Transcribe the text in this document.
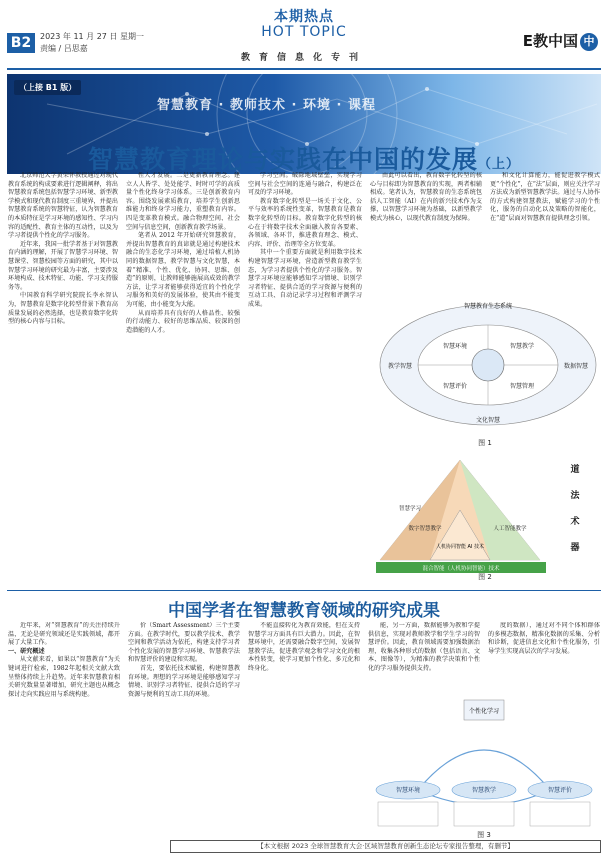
B2	2023 年 11 月 27 日 星期一
责编 / 吕思嘉
本期热点
HOT TOPIC
教育信息化专刊
E教中国 中
（上接 B1 版）
智慧教育 · 教师技术 · 环境 · 课程
智慧教育理论与实践在中国的发展（上）

北京师范大学黄荣怀教授通过对现代教育系统的构成要素进行逻辑阐释，将出智慧教育系统包括智慧学习环境、新型教学模式和现代教育制度三重境界，并提出智慧教育系统的智慧特征，认为智慧教育的本质特征是学习环境的感知性、学习内容的适配性、教育主体的互动性，以及为学习者提供个性化的学习服务。

近年来，我国一批学者基于对智慧教育内涵的理解，开展了智慧学习环境、智慧课堂、智慧校园等方面的研究，其中以智慧学习环境的研究最为丰富，主要涉及环境构成、技术特征、功能、学习支持服务等。

中国教育科学研究院院长李永智认为，智慧教育是数字化转型背景下教育高质量发展的必然选择，也是教育数字化转型的核心内容与目标。

性人才发展。二是更新教育理念。建立人人皆学、处处能学、时时可学的高质量个性化终身学习体系。三是创新教育内容。围绕发展素质教育，培养学生创新思维能力和终身学习能力，重塑教育内容。四是变革教育模式。融合物理空间、社会空间与信息空间，创新教育教学场景。

笔者从 2012 年开始研究智慧教育，并提出智慧教育的真谛就是通过构建技术融合的生态化学习环境，通过培植人机协同的数据智慧，教学智慧与文化智慧，本着“精准、个性、优化、协同、思维、创造”的原则，让教师能够施展高成效的教学方法，让学习者能够获得适宜的个性化学习服务和美好的发展体验，使其由不能变为可能，由小能变为大能。

从而培养具有良好的人格品性、较强的行动能力、较好的思维品质、较深的创造潜能的人才。

学习空间。破除地域壁垒，实现学习空间与社会空间的连通与融合，构建泛在可及的学习环境。

教育数字化转型是一场关于文化、公平与效率的系统性变革，智慧教育是教育数字化转型的目标。教育数字化转型的核心在于将数字技术全面融入教育各要素、各领域、各环节，推进教育理念、模式、内容、评价、治理等全方位变革。

其中一个重要方面就是利用数字技术构建智慧学习环境，营造新型教育教学生态，为学习者提供个性化的学习服务。智慧学习环境应能够感知学习情境、识别学习者特征、提供合适的学习资源与便利的互动工具、自动记录学习过程和评测学习成果。

由此可以看出，教育数字化转型的核心与目标即为智慧教育的实现，两者相辅相成。笔者认为，智慧教育的生态系统包括人工智能（AI）在内的新兴技术作为支撑，以智慧学习环境为基础，以新型教学模式为核心，以现代教育制度为保障。

和文化计算能力，能促进教学模式更“个性化”，在“法”层面，则应关注学习方法成为新型智慧教学法。通过与人协作的方式构建智慧教法，赋能学习的个性化，服务的自动化以及策略的智能化，在“道”层面对智慧教育提供理念引领。

智慧教育生态系统
智慧环境	智慧教学
智慧评价	智慧管理
教学智慧	数据智慧
文化智慧
图 1
混合智能（人机协同智能）技术
智慧学习
数字智慧教学	人工智能教学
人机协同智能 AI 技术
道
法
术
器
图 2
中国学者在智慧教育领域的研究成果

近年来，对“智慧教育”的关注持续升温，无论是研究领域还是实践领域，都开展了大量工作。

一、研究概述

从文献来看，如果以“智慧教育”为关键词进行检索，1982年起相关文献大致呈整体持续上升趋势。近年来智慧教育相关研究数量显著增加，研究主题也从概念探讨走向实践应用与系统构建。

价（Smart Assessment）三个主要方面。在教学时代，要以教学技术、教学空间和教学活动为依托，构建支持学习者个性化发展的智慧学习环境、智慧教学法和智慧评价的建设和实现。

首先，要依托技术赋能，构建智慧教育环境。理想的学习环境是能够感知学习情境、识别学习者特征、提供合适的学习资源与便利的互动工具的环境。

不能直接转化为教育效能，但在支持智慧学习方面具有巨大潜力。因此，在智慧环境中，还需要融合数字空间，发展智慧教学法，促进教学观念和学习文化的根本性转变，使学习更加个性化、多元化和终身化。

能，另一方面，数据能够为教和学提供信息，实现对教师教学和学生学习的智慧评价。因此，教育领域需要加强数据治理，收集各种形式的数据（包括语言、文本、图像等），为精准的教学决策和个性化的学习服务提供支持。

度的数据），通过对不同个体和群体的多模态数据，精准化数据的采集、分析和诊断，促进信息文化和个性化服务，引导学生实现高层次的学习发展。

个性化学习
智慧环境	智慧教学	智慧评价
图 3
【本文根据 2023 全球智慧教育大会·区域智慧教育创新生态论坛专家报告整理，有删节】
